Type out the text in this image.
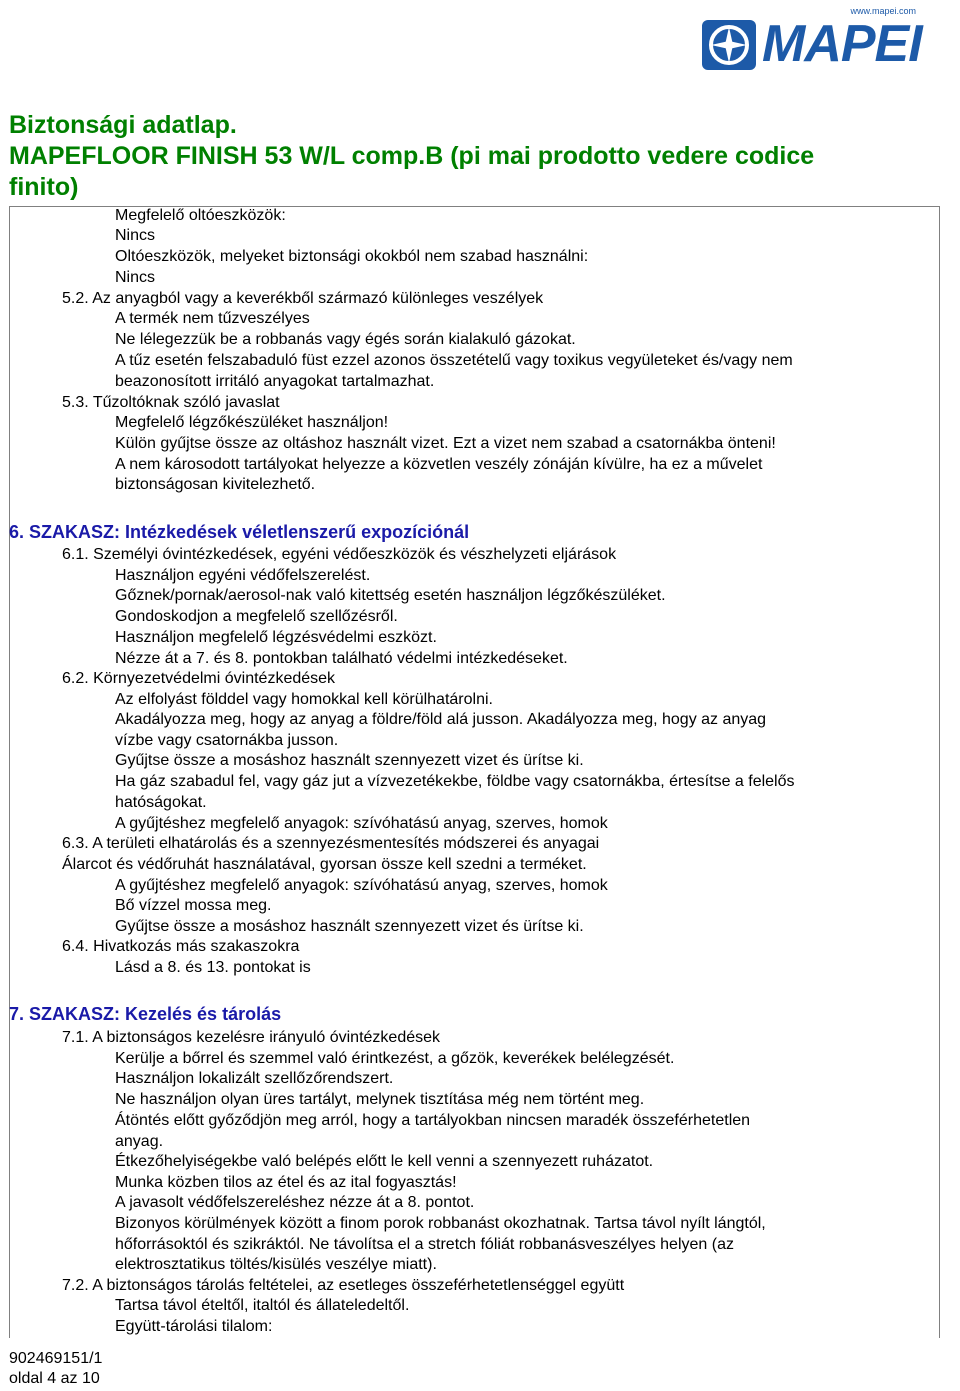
www.mapei.com
MAPEI
Biztonsági adatlap.
MAPEFLOOR FINISH 53 W/L comp.B (pi mai prodotto vedere codice
finito)
Megfelelő oltóeszközök:
Nincs
Oltóeszközök, melyeket biztonsági okokból nem szabad használni:
Nincs
5.2. Az anyagból vagy a keverékből származó különleges veszélyek
A termék nem tűzveszélyes
Ne lélegezzük be a robbanás vagy égés során kialakuló gázokat.
A tűz esetén felszabaduló füst ezzel azonos összetételű vagy toxikus vegyületeket és/vagy nem
beazonosított irritáló anyagokat tartalmazhat.
5.3. Tűzoltóknak szóló javaslat
Megfelelő légzőkészüléket használjon!
Külön gyűjtse össze az oltáshoz használt vizet. Ezt a vizet nem szabad a csatornákba önteni!
A nem károsodott tartályokat helyezze a közvetlen veszély zónáján kívülre, ha ez a művelet
biztonságosan kivitelezhető.
6. SZAKASZ: Intézkedések véletlenszerű expozíciónál
6.1. Személyi óvintézkedések, egyéni védőeszközök és vészhelyzeti eljárások
Használjon egyéni védőfelszerelést.
Gőznek/pornak/aerosol-nak való kitettség esetén használjon légzőkészüléket.
Gondoskodjon a megfelelő szellőzésről.
Használjon megfelelő légzésvédelmi eszközt.
Nézze át a 7. és 8. pontokban található védelmi intézkedéseket.
6.2. Környezetvédelmi óvintézkedések
Az elfolyást földdel vagy homokkal kell körülhatárolni.
Akadályozza meg, hogy az anyag a földre/föld alá jusson. Akadályozza meg, hogy az anyag
vízbe vagy csatornákba jusson.
Gyűjtse össze a mosáshoz használt szennyezett vizet és ürítse ki.
Ha gáz szabadul fel, vagy gáz jut a vízvezetékekbe, földbe vagy csatornákba, értesítse a felelős
hatóságokat.
A gyűjtéshez megfelelő anyagok: szívóhatású anyag, szerves, homok
6.3. A területi elhatárolás és a szennyezésmentesítés módszerei és anyagai
Álarcot és védőruhát használatával, gyorsan össze kell szedni a terméket.
A gyűjtéshez megfelelő anyagok: szívóhatású anyag, szerves, homok
Bő vízzel mossa meg.
Gyűjtse össze a mosáshoz használt szennyezett vizet és ürítse ki.
6.4. Hivatkozás más szakaszokra
Lásd a 8. és 13. pontokat is
7. SZAKASZ: Kezelés és tárolás
7.1. A biztonságos kezelésre irányuló óvintézkedések
Kerülje a bőrrel és szemmel való érintkezést, a gőzök, keverékek belélegzését.
Használjon lokalizált szellőzőrendszert.
Ne használjon olyan üres tartályt, melynek tisztítása még nem történt meg.
Átöntés előtt győződjön meg arról, hogy a tartályokban nincsen maradék összeférhetetlen
anyag.
Étkezőhelyiségekbe való belépés előtt le kell venni a szennyezett ruházatot.
Munka közben tilos az étel és az ital fogyasztás!
A javasolt védőfelszereléshez nézze át a 8. pontot.
Bizonyos körülmények között a finom porok robbanást okozhatnak. Tartsa távol nyílt lángtól,
hőforrásoktól és szikráktól. Ne távolítsa el a stretch fóliát robbanásveszélyes helyen (az
elektrosztatikus töltés/kisülés veszélye miatt).
7.2. A biztonságos tárolás feltételei, az esetleges összeférhetetlenséggel együtt
Tartsa távol ételtől, italtól és állateledeltől.
Együtt-tárolási tilalom:
902469151/1
oldal 4 az 10
